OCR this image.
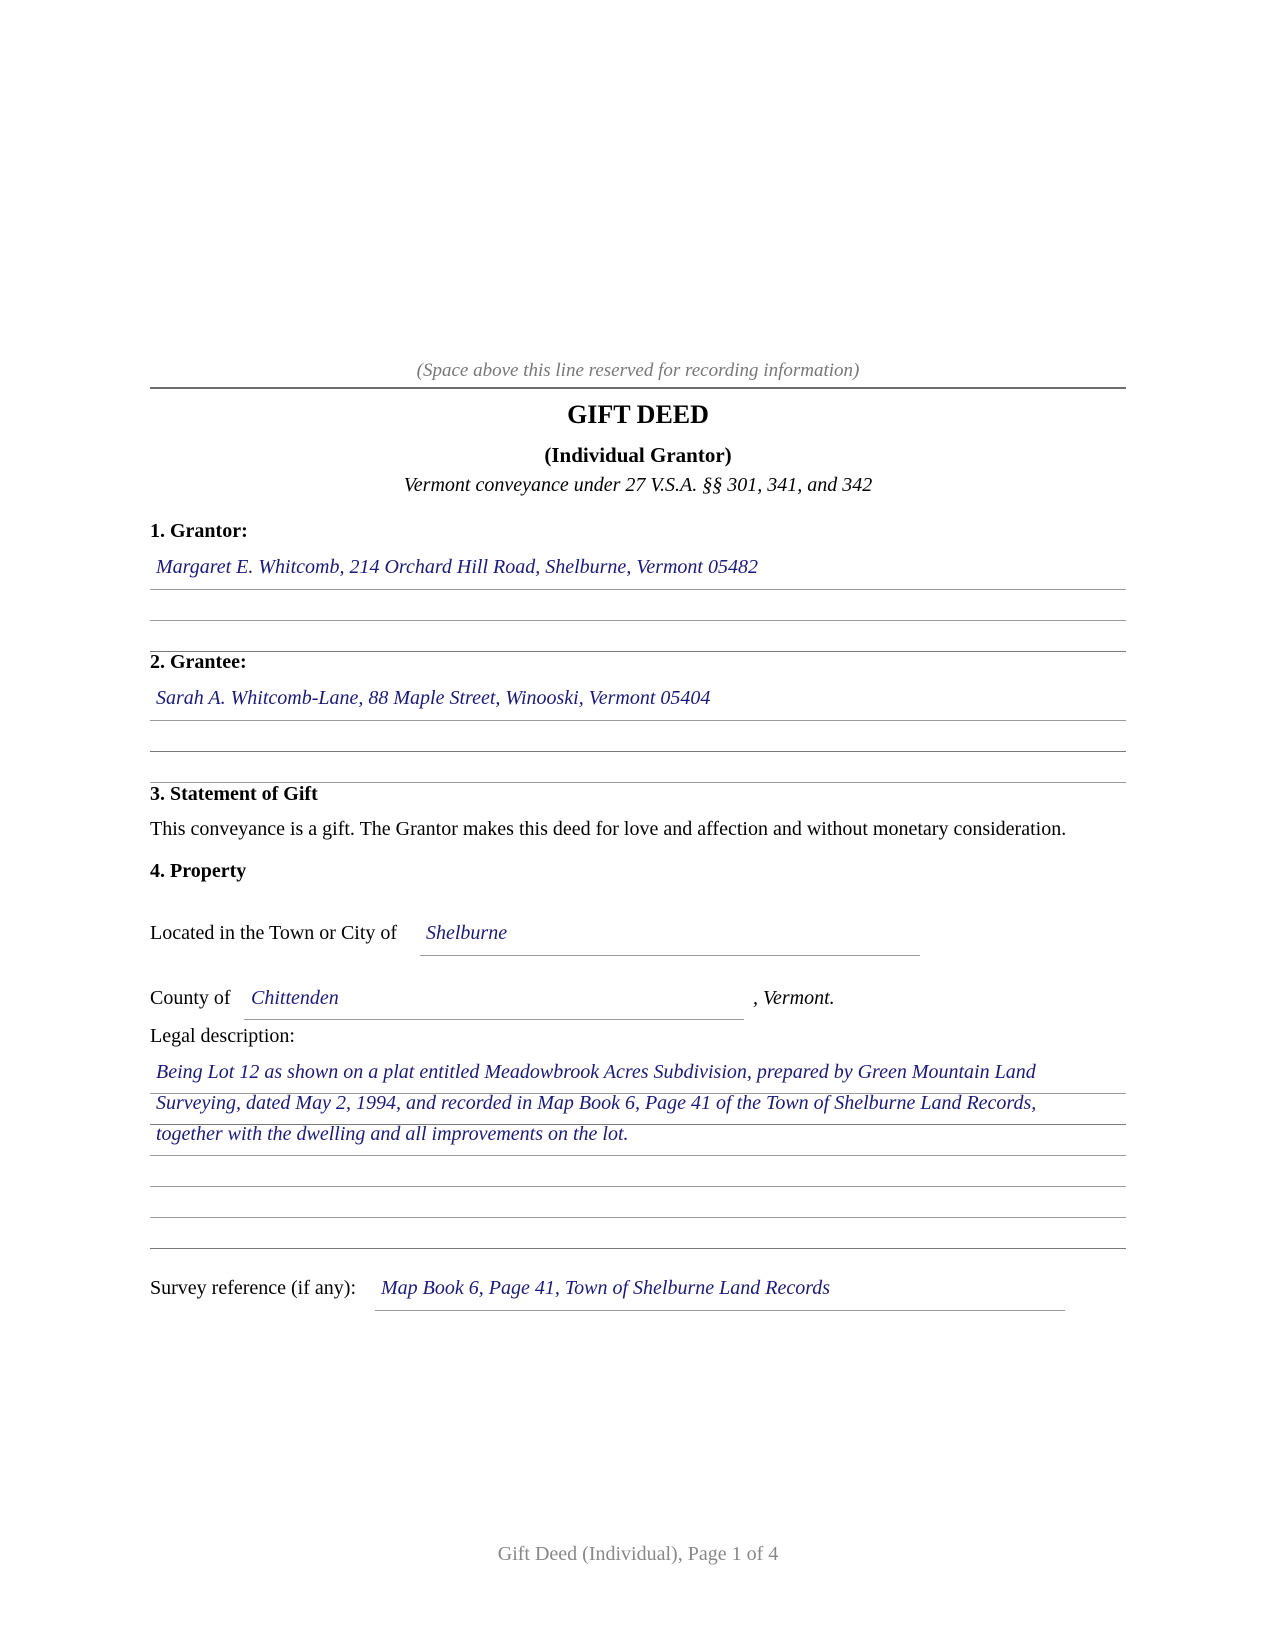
(Space above this line reserved for recording information)
GIFT DEED
(Individual Grantor)
Vermont conveyance under 27 V.S.A. §§ 301, 341, and 342
1. Grantor:
Margaret E. Whitcomb, 214 Orchard Hill Road, Shelburne, Vermont 05482
2. Grantee:
Sarah A. Whitcomb-Lane, 88 Maple Street, Winooski, Vermont 05404
3. Statement of Gift
This conveyance is a gift. The Grantor makes this deed for love and affection and without monetary consideration.
4. Property
Located in the Town or City of Shelburne
County of Chittenden	, Vermont.
Legal description:
Being Lot 12 as shown on a plat entitled Meadowbrook Acres Subdivision, prepared by Green Mountain Land
Surveying, dated May 2, 1994, and recorded in Map Book 6, Page 41 of the Town of Shelburne Land Records,
together with the dwelling and all improvements on the lot.
Survey reference (if any): Map Book 6, Page 41, Town of Shelburne Land Records
Gift Deed (Individual), Page 1 of 4
